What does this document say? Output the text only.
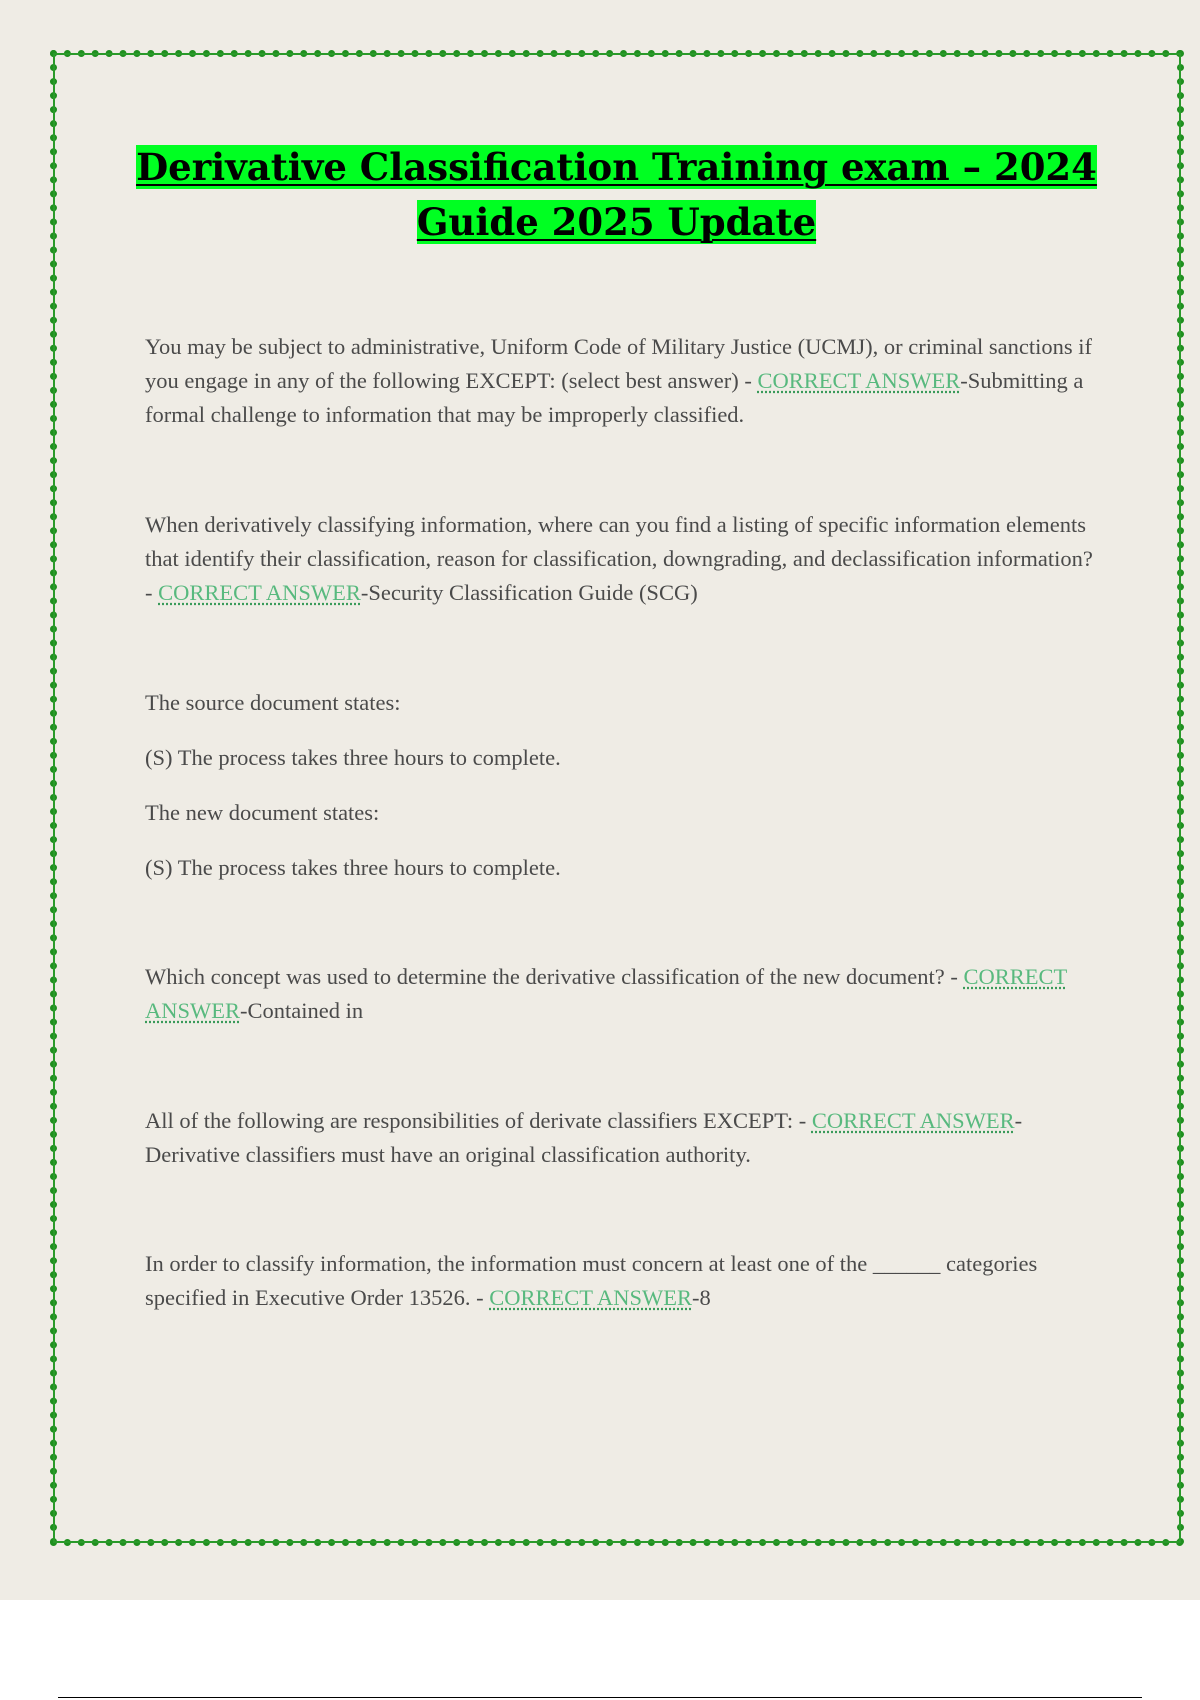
Derivative Classification Training exam – 2024
Guide 2025 Update
You may be subject to administrative, Uniform Code of Military Justice (UCMJ), or criminal sanctions if you engage in any of the following EXCEPT: (select best answer) - CORRECT ANSWER-Submitting a formal challenge to information that may be improperly classified.
When derivatively classifying information, where can you find a listing of specific information elements that identify their classification, reason for classification, downgrading, and declassification information? - CORRECT ANSWER-Security Classification Guide (SCG)
The source document states:
(S) The process takes three hours to complete.
The new document states:
(S) The process takes three hours to complete.
Which concept was used to determine the derivative classification of the new document? - CORRECT ANSWER-Contained in
All of the following are responsibilities of derivate classifiers EXCEPT: - CORRECT ANSWER-Derivative classifiers must have an original classification authority.
In order to classify information, the information must concern at least one of the ______ categories specified in Executive Order 13526. - CORRECT ANSWER-8
